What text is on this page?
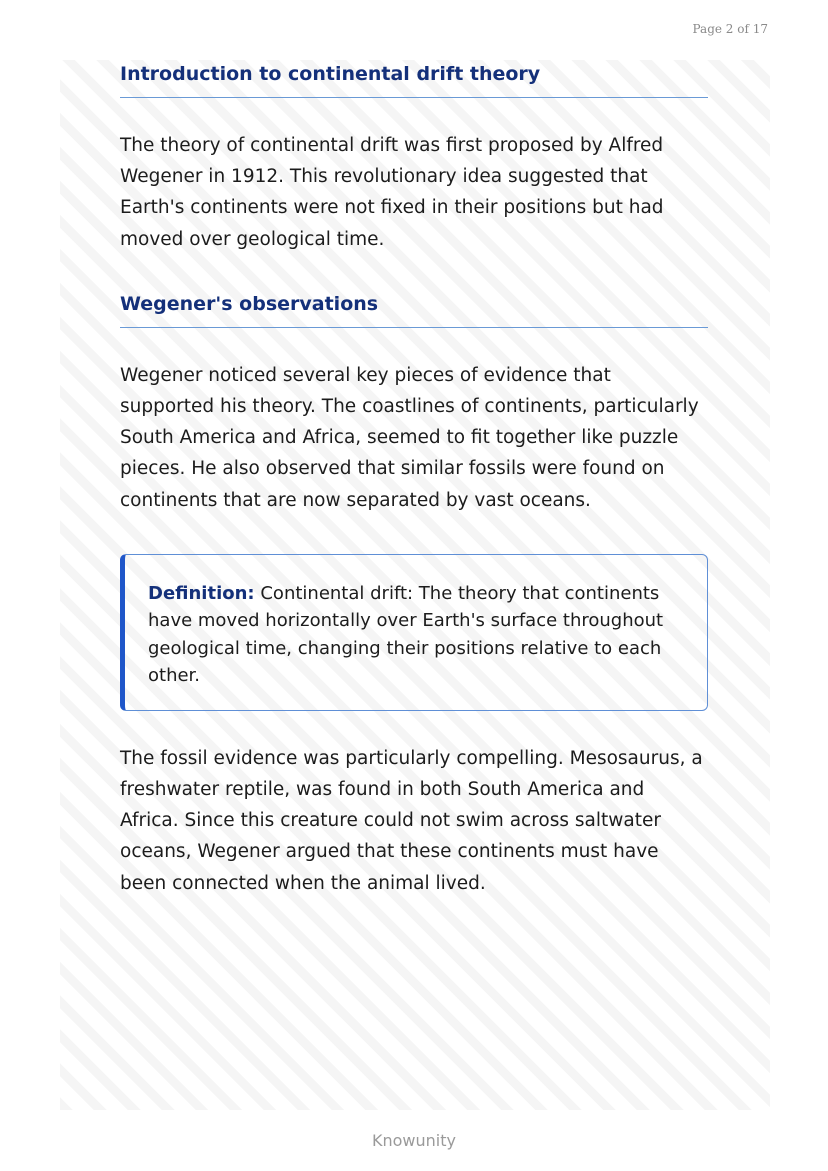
Page 2 of 17
Introduction to continental drift theory

The theory of continental drift was first proposed by Alfred Wegener in 1912. This revolutionary idea suggested that Earth's continents were not fixed in their positions but had moved over geological time.

Wegener's observations

Wegener noticed several key pieces of evidence that supported his theory. The coastlines of continents, particularly South America and Africa, seemed to fit together like puzzle pieces. He also observed that similar fossils were found on continents that are now separated by vast oceans.

Definition: Continental drift: The theory that continents have moved horizontally over Earth's surface throughout geological time, changing their positions relative to each other.

The fossil evidence was particularly compelling. Mesosaurus, a freshwater reptile, was found in both South America and Africa. Since this creature could not swim across saltwater oceans, Wegener argued that these continents must have been connected when the animal lived.

Knowunity
